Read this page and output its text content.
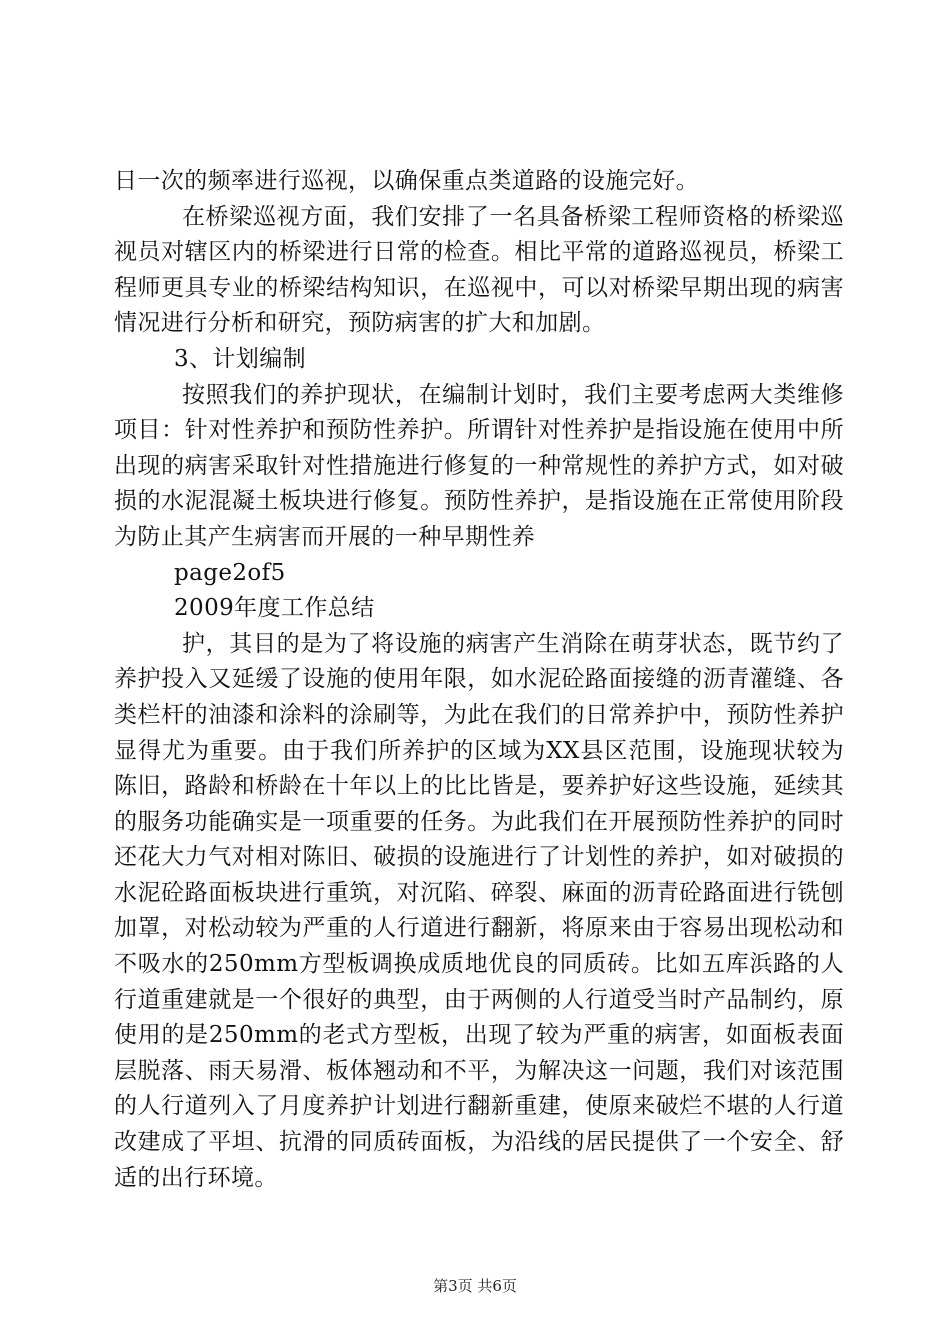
日一次的频率进行巡视，以确保重点类道路的设施完好。

在桥梁巡视方面，我们安排了一名具备桥梁工程师资格的桥梁巡视员对辖区内的桥梁进行日常的检查。相比平常的道路巡视员，桥梁工程师更具专业的桥梁结构知识，在巡视中，可以对桥梁早期出现的病害情况进行分析和研究，预防病害的扩大和加剧。

3、计划编制

按照我们的养护现状，在编制计划时，我们主要考虑两大类维修项目：针对性养护和预防性养护。所谓针对性养护是指设施在使用中所出现的病害采取针对性措施进行修复的一种常规性的养护方式，如对破损的水泥混凝土板块进行修复。预防性养护，是指设施在正常使用阶段为防止其产生病害而开展的一种早期性养

page2of5

2009年度工作总结

护，其目的是为了将设施的病害产生消除在萌芽状态，既节约了养护投入又延缓了设施的使用年限，如水泥砼路面接缝的沥青灌缝、各类栏杆的油漆和涂料的涂刷等，为此在我们的日常养护中，预防性养护显得尤为重要。由于我们所养护的区域为XX县区范围，设施现状较为陈旧，路龄和桥龄在十年以上的比比皆是，要养护好这些设施，延续其的服务功能确实是一项重要的任务。为此我们在开展预防性养护的同时还花大力气对相对陈旧、破损的设施进行了计划性的养护，如对破损的水泥砼路面板块进行重筑，对沉陷、碎裂、麻面的沥青砼路面进行铣刨加罩，对松动较为严重的人行道进行翻新，将原来由于容易出现松动和不吸水的250mm方型板调换成质地优良的同质砖。比如五库浜路的人行道重建就是一个很好的典型，由于两侧的人行道受当时产品制约，原使用的是250mm的老式方型板，出现了较为严重的病害，如面板表面层脱落、雨天易滑、板体翘动和不平，为解决这一问题，我们对该范围的人行道列入了月度养护计划进行翻新重建，使原来破烂不堪的人行道改建成了平坦、抗滑的同质砖面板，为沿线的居民提供了一个安全、舒适的出行环境。

第3页 共6页
